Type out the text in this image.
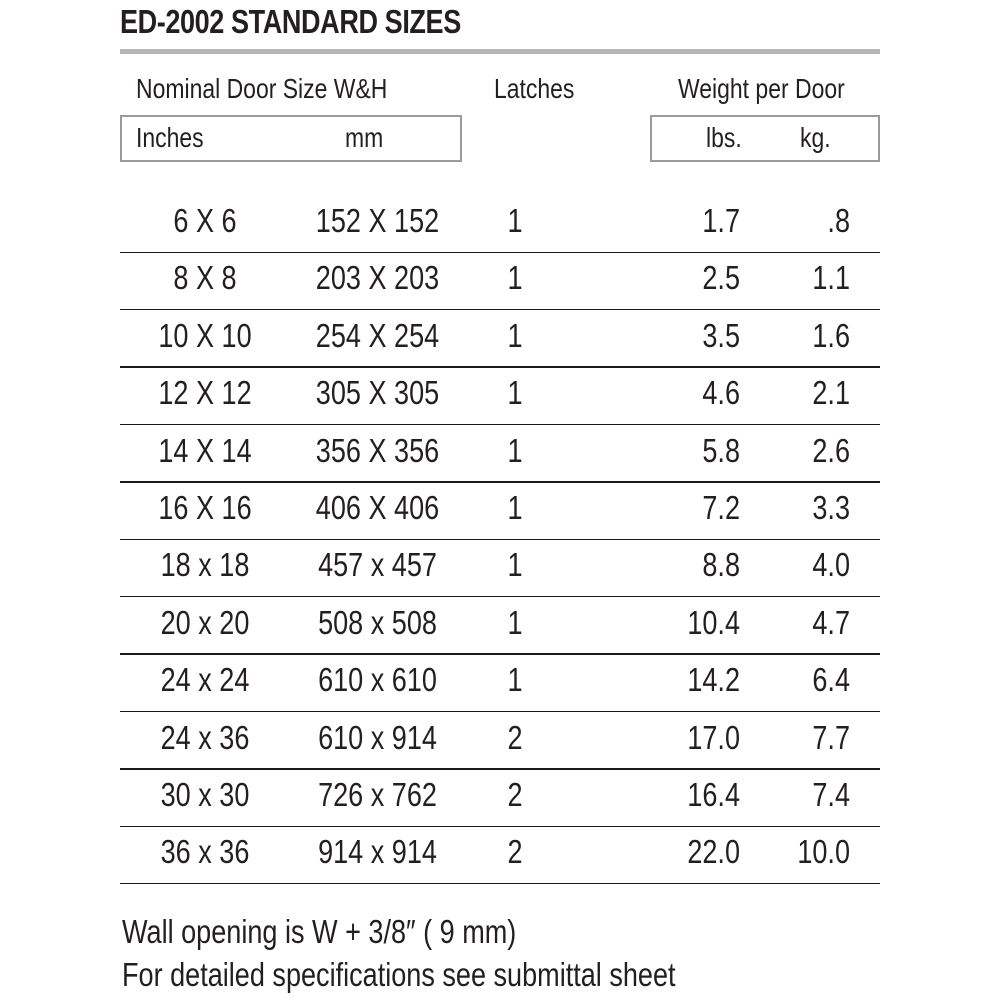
ED-2002 STANDARD SIZES
Nominal Door Size W&H	Latches	Weight per Door
Inches	mm	lbs. kg.
6 X 6	152 X 152	1	1.7	.8
8 X 8	203 X 203	1	2.5	1.1
10 X 10	254 X 254	1	3.5	1.6
12 X 12	305 X 305	1	4.6	2.1
14 X 14	356 X 356	1	5.8	2.6
16 X 16	406 X 406	1	7.2	3.3
18 x 18	457 x 457	1	8.8	4.0
20 x 20	508 x 508	1	10.4	4.7
24 x 24	610 x 610	1	14.2	6.4
24 x 36	610 x 914	2	17.0	7.7
30 x 30	726 x 762	2	16.4	7.4
36 x 36	914 x 914	2	22.0	10.0
Wall opening is W + 3/8″ ( 9 mm)
For detailed specifications see submittal sheet
